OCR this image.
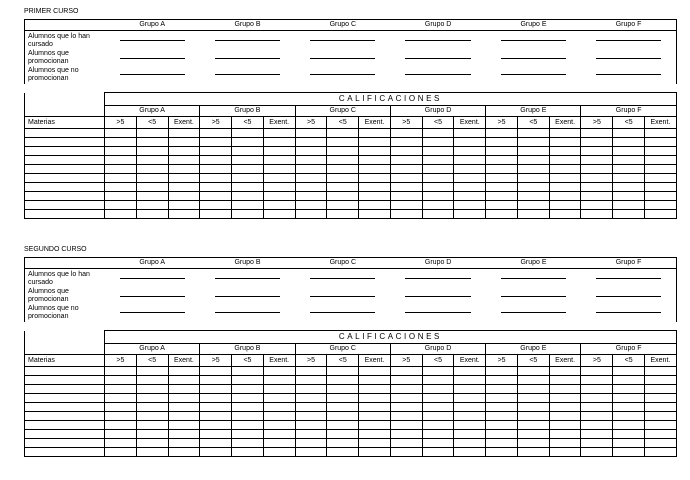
PRIMER CURSO
	Grupo A	Grupo B	Grupo C	Grupo D	Grupo E	Grupo F

Alumnos que lo han cursado
Alumnos que promocionan
Alumnos que no promocionan						

	CALIFICACIONES																	
	Grupo A			Grupo B			Grupo C			Grupo D			Grupo E			Grupo F		
Materias	>5	<5	Exent.	>5	<5	Exent.	>5	<5	Exent.	>5	<5	Exent.	>5	<5	Exent.	>5	<5	Exent.

SEGUNDO CURSO
	Grupo A	Grupo B	Grupo C	Grupo D	Grupo E	Grupo F

Alumnos que lo han cursado
Alumnos que promocionan
Alumnos que no promocionan						

	CALIFICACIONES																	
	Grupo A			Grupo B			Grupo C			Grupo D			Grupo E			Grupo F		
Materias	>5	<5	Exent.	>5	<5	Exent.	>5	<5	Exent.	>5	<5	Exent.	>5	<5	Exent.	>5	<5	Exent.
